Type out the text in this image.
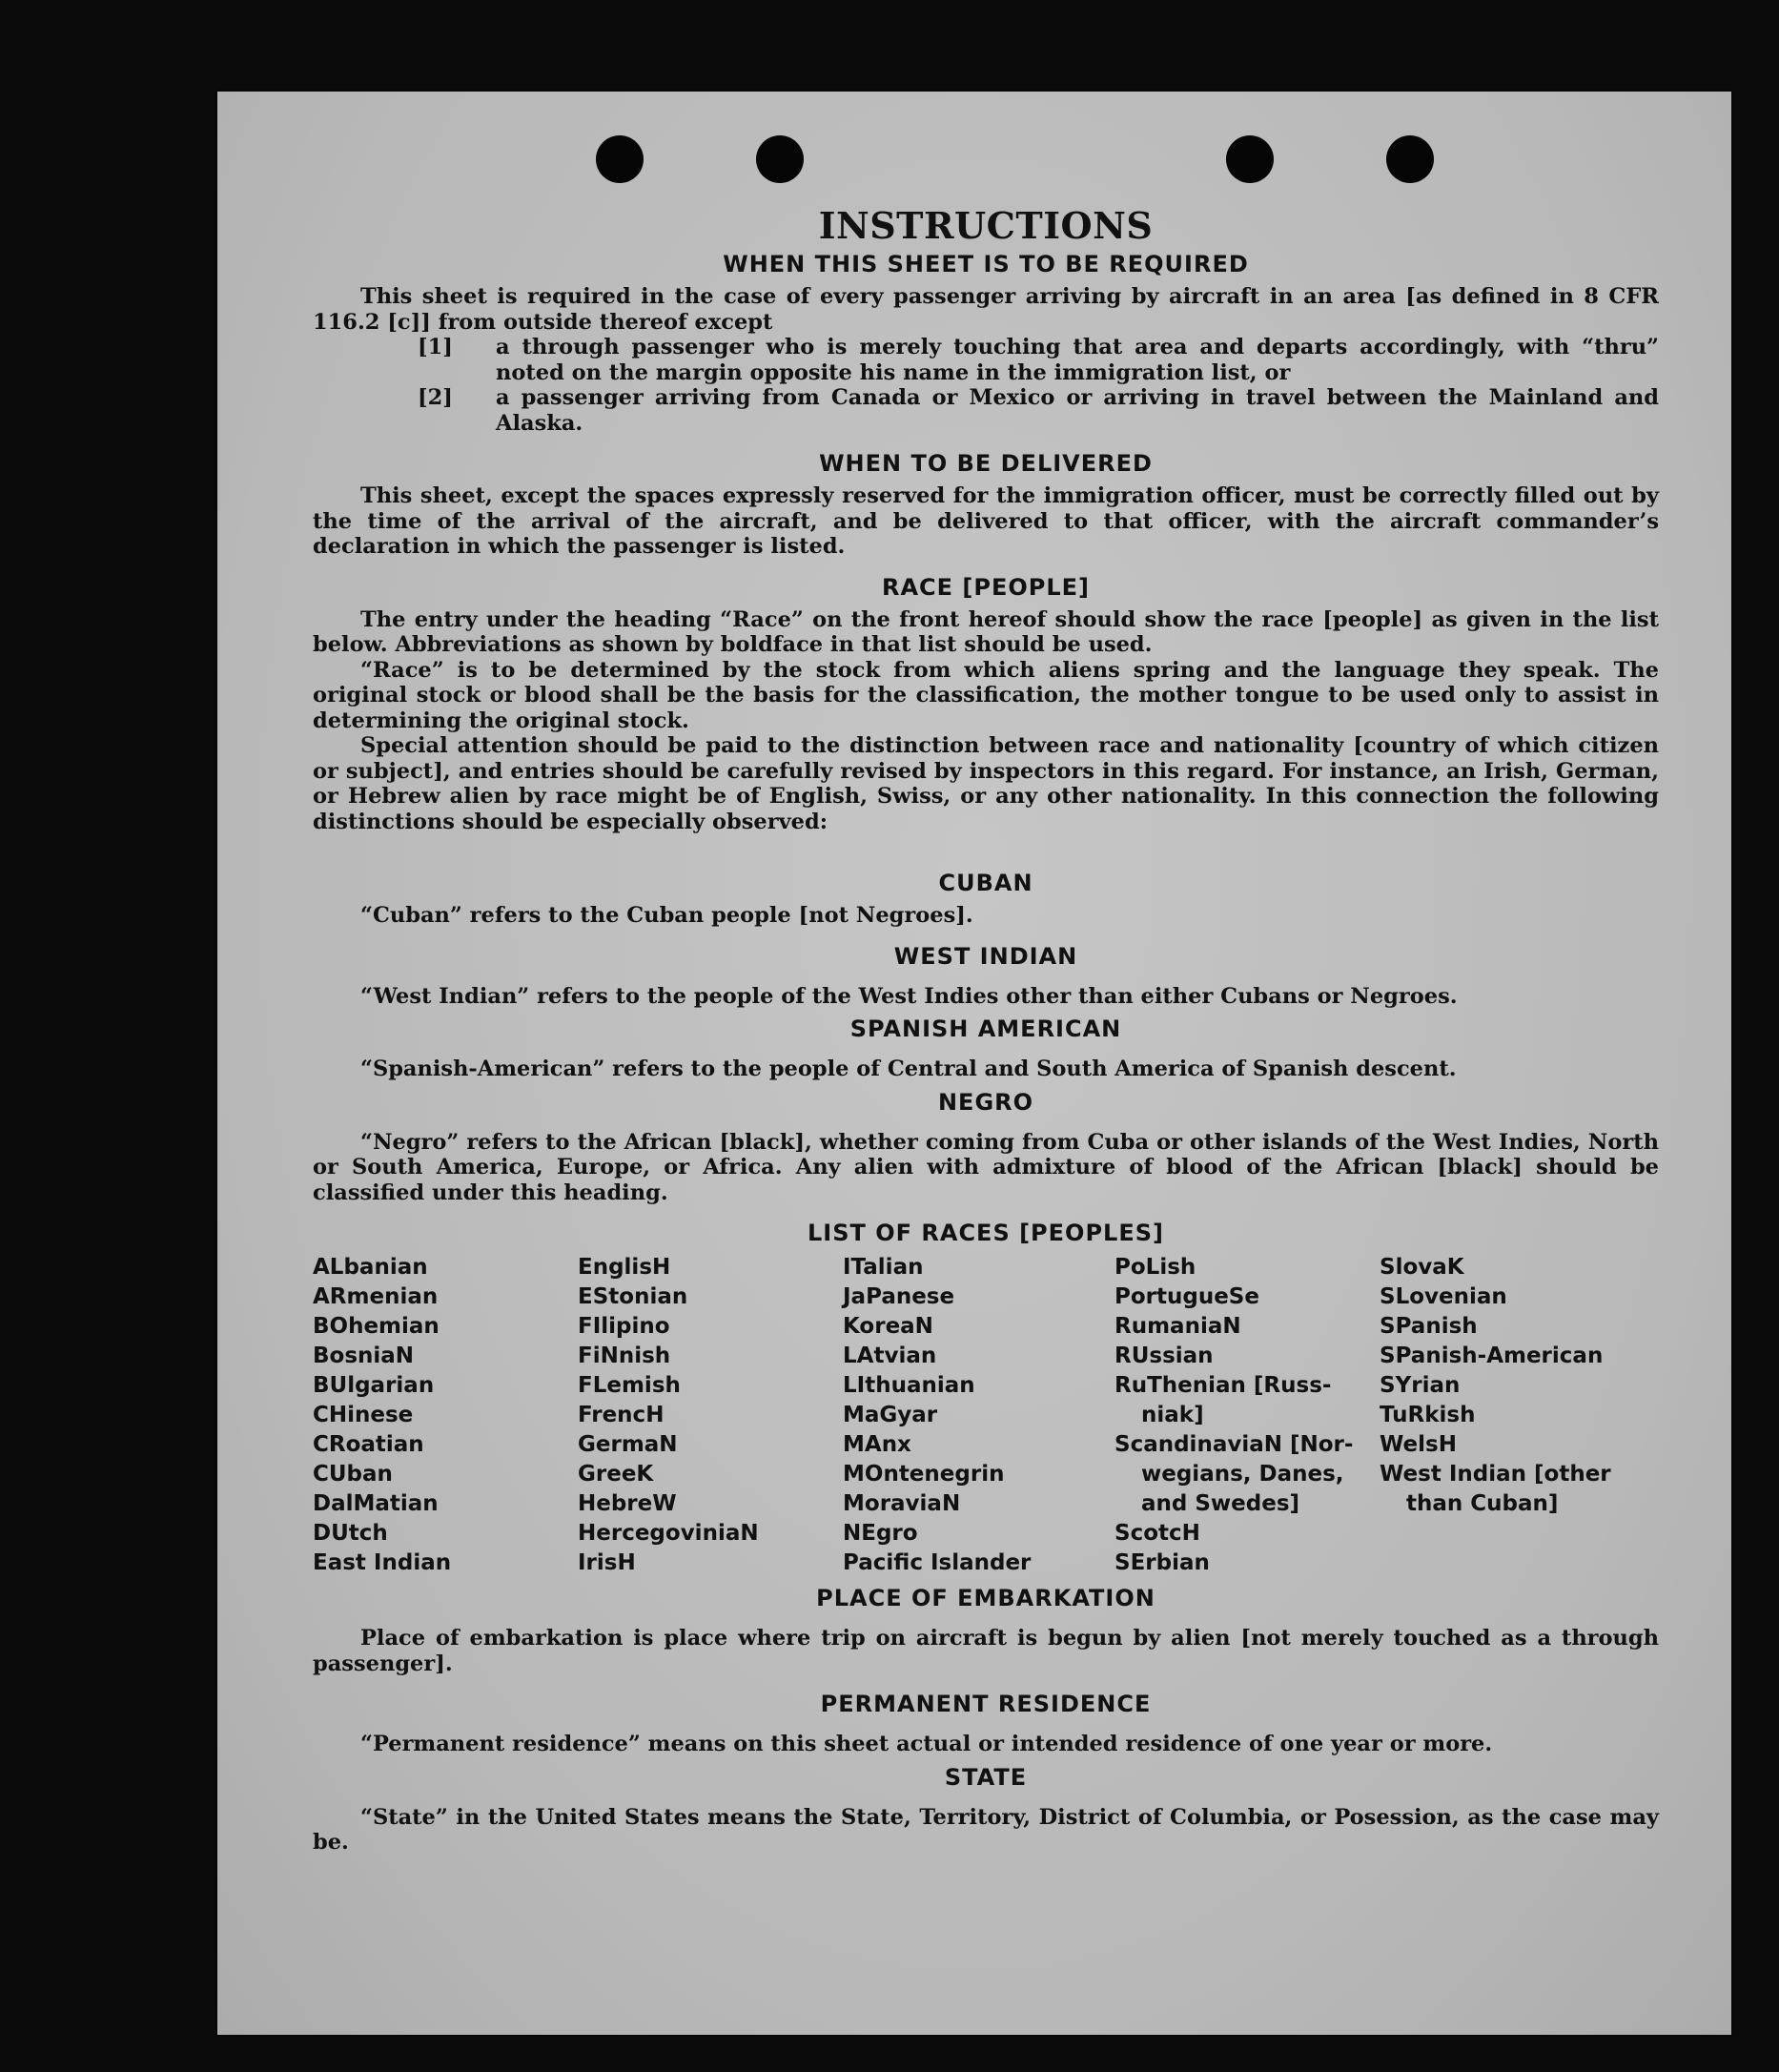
INSTRUCTIONS
WHEN THIS SHEET IS TO BE REQUIRED

This sheet is required in the case of every passenger arriving by aircraft in an area [as defined in 8 CFR 116.2 [c]] from outside thereof except

[1]	a through passenger who is merely touching that area and departs accordingly, with “thru” noted on the margin opposite his name in the immigration list, or
[2]	a passenger arriving from Canada or Mexico or arriving in travel between the Mainland and Alaska.
WHEN TO BE DELIVERED

This sheet, except the spaces expressly reserved for the immigration officer, must be correctly filled out by the time of the arrival of the aircraft, and be delivered to that officer, with the aircraft commander’s declaration in which the passenger is listed.

RACE [PEOPLE]

The entry under the heading “Race” on the front hereof should show the race [people] as given in the list below. Abbreviations as shown by boldface in that list should be used.

“Race” is to be determined by the stock from which aliens spring and the language they speak. The original stock or blood shall be the basis for the classification, the mother tongue to be used only to assist in determining the original stock.

Special attention should be paid to the distinction between race and nationality [country of which citizen or subject], and entries should be carefully revised by inspectors in this regard. For instance, an Irish, German, or Hebrew alien by race might be of English, Swiss, or any other nationality. In this connection the following distinctions should be especially observed:

CUBAN

“Cuban” refers to the Cuban people [not Negroes].

WEST INDIAN

“West Indian” refers to the people of the West Indies other than either Cubans or Negroes.

SPANISH AMERICAN

“Spanish-American” refers to the people of Central and South America of Spanish descent.

NEGRO

“Negro” refers to the African [black], whether coming from Cuba or other islands of the West Indies, North or South America, Europe, or Africa. Any alien with admixture of blood of the African [black] should be classified under this heading.

LIST OF RACES [PEOPLES]
ALbanian
ARmenian
BOhemian
BosniaN
BUlgarian
CHinese
CRoatian
CUban
DalMatian
DUtch
East Indian
EnglisH
EStonian
FIlipino
FiNnish
FLemish
FrencH
GermaN
GreeK
HebreW
HercegoviniaN
IrisH
ITalian
JaPanese
KoreaN
LAtvian
LIthuanian
MaGyar
MAnx
MOntenegrin
MoraviaN
NEgro
Pacific Islander
PoLish
PortugueSe
RumaniaN
RUssian
RuThenian [Russ-
niak]
ScandinaviaN [Nor-
wegians, Danes,
and Swedes]
ScotcH
SErbian
SlovaK
SLovenian
SPanish
SPanish-American
SYrian
TuRkish
WelsH
West Indian [other
than Cuban]
PLACE OF EMBARKATION

Place of embarkation is place where trip on aircraft is begun by alien [not merely touched as a through passenger].

PERMANENT RESIDENCE

“Permanent residence” means on this sheet actual or intended residence of one year or more.

STATE

“State” in the United States means the State, Territory, District of Columbia, or Posession, as the case may be.
